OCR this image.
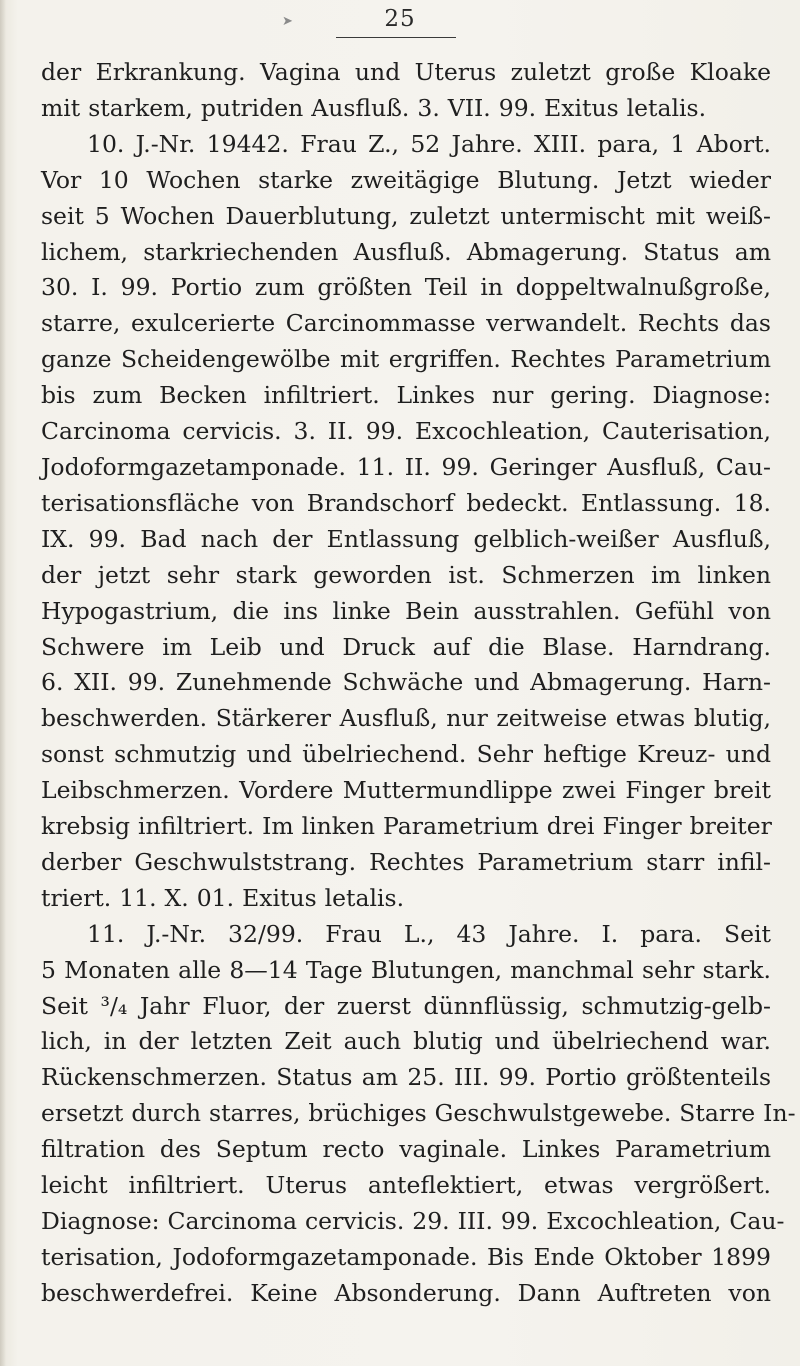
➤	25
der Erkrankung. Vagina und Uterus zuletzt große Kloake
mit starkem, putriden Ausfluß. 3. VII. 99. Exitus letalis.
10. J.-Nr. 19442. Frau Z., 52 Jahre. XIII. para, 1 Abort.
Vor 10 Wochen starke zweitägige Blutung. Jetzt wieder
seit 5 Wochen Dauerblutung, zuletzt untermischt mit weiß-
lichem, starkriechenden Ausfluß. Abmagerung. Status am
30. I. 99. Portio zum größten Teil in doppeltwalnußgroße,
starre, exulcerierte Carcinommasse verwandelt. Rechts das
ganze Scheidengewölbe mit ergriffen. Rechtes Parametrium
bis zum Becken infiltriert. Linkes nur gering. Diagnose:
Carcinoma cervicis. 3. II. 99. Excochleation, Cauterisation,
Jodoformgazetamponade. 11. II. 99. Geringer Ausfluß, Cau-
terisationsfläche von Brandschorf bedeckt. Entlassung. 18.
IX. 99. Bad nach der Entlassung gelblich-weißer Ausfluß,
der jetzt sehr stark geworden ist. Schmerzen im linken
Hypogastrium, die ins linke Bein ausstrahlen. Gefühl von
Schwere im Leib und Druck auf die Blase. Harndrang.
6. XII. 99. Zunehmende Schwäche und Abmagerung. Harn-
beschwerden. Stärkerer Ausfluß, nur zeitweise etwas blutig,
sonst schmutzig und übelriechend. Sehr heftige Kreuz- und
Leibschmerzen. Vordere Muttermundlippe zwei Finger breit
krebsig infiltriert. Im linken Parametrium drei Finger breiter
derber Geschwulststrang. Rechtes Parametrium starr infil-
triert. 11. X. 01. Exitus letalis.
11. J.-Nr. 32/99. Frau L., 43 Jahre. I. para. Seit
5 Monaten alle 8—14 Tage Blutungen, manchmal sehr stark.
Seit ³/₄ Jahr Fluor, der zuerst dünnflüssig, schmutzig-gelb-
lich, in der letzten Zeit auch blutig und übelriechend war.
Rückenschmerzen. Status am 25. III. 99. Portio größtenteils
ersetzt durch starres, brüchiges Geschwulstgewebe. Starre In-
filtration des Septum recto vaginale. Linkes Parametrium
leicht infiltriert. Uterus anteflektiert, etwas vergrößert.
Diagnose: Carcinoma cervicis. 29. III. 99. Excochleation, Cau-
terisation, Jodoformgazetamponade. Bis Ende Oktober 1899
beschwerdefrei. Keine Absonderung. Dann Auftreten von
